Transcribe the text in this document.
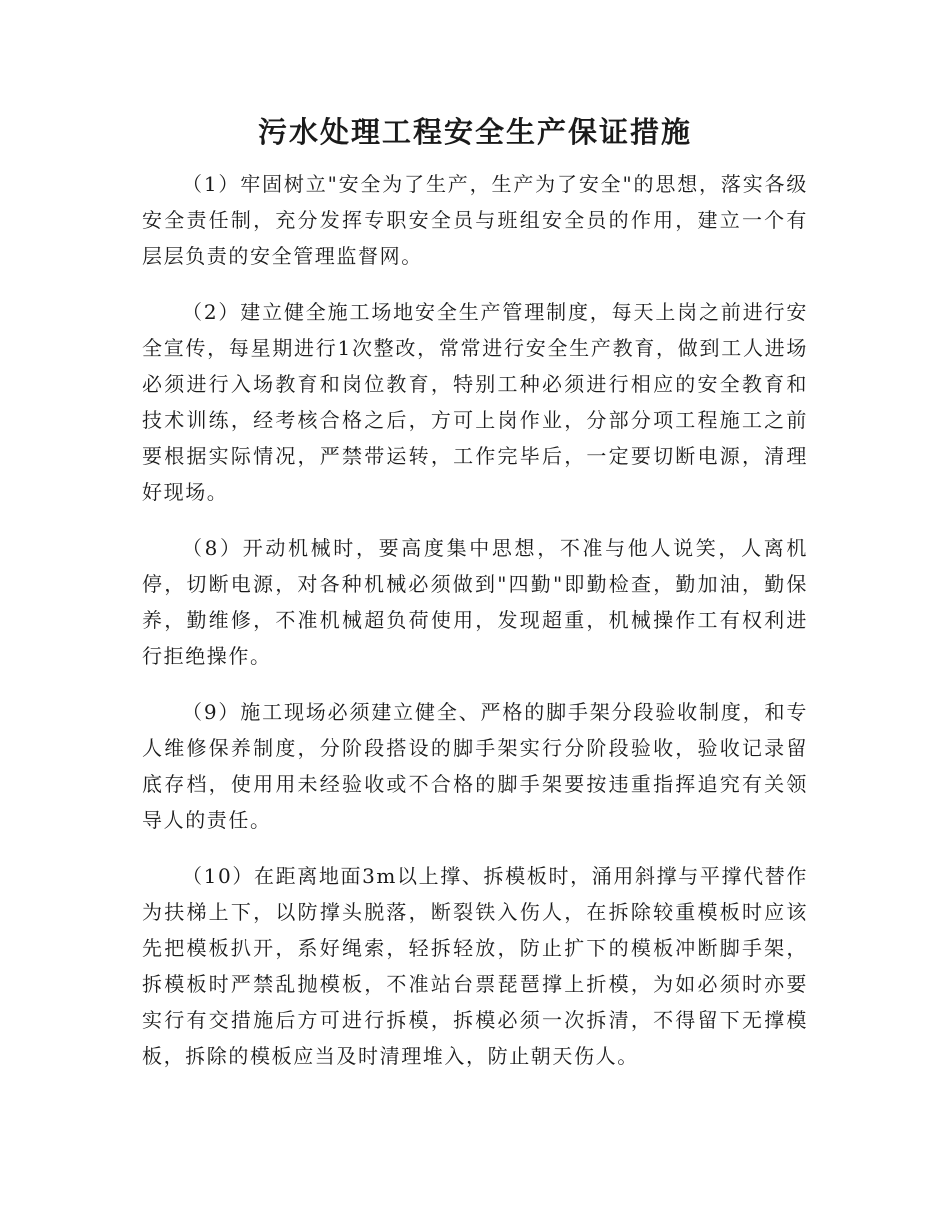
污水处理工程安全生产保证措施

（1）牢固树立"安全为了生产，生产为了安全"的思想，落实各级安全责任制，充分发挥专职安全员与班组安全员的作用，建立一个有层层负责的安全管理监督网。

（2）建立健全施工场地安全生产管理制度，每天上岗之前进行安全宣传，每星期进行1次整改，常常进行安全生产教育，做到工人进场必须进行入场教育和岗位教育，特别工种必须进行相应的安全教育和技术训练，经考核合格之后，方可上岗作业，分部分项工程施工之前要根据实际情况，严禁带运转，工作完毕后，一定要切断电源，清理好现场。

（8）开动机械时，要高度集中思想，不准与他人说笑，人离机停，切断电源，对各种机械必须做到"四勤"即勤检查，勤加油，勤保养，勤维修，不准机械超负荷使用，发现超重，机械操作工有权利进行拒绝操作。

（9）施工现场必须建立健全、严格的脚手架分段验收制度，和专人维修保养制度，分阶段搭设的脚手架实行分阶段验收，验收记录留底存档，使用用未经验收或不合格的脚手架要按违重指挥追究有关领导人的责任。

（10）在距离地面3m以上撑、拆模板时，涌用斜撑与平撑代替作为扶梯上下，以防撑头脱落，断裂铁入伤人，在拆除较重模板时应该先把模板扒开，系好绳索，轻拆轻放，防止扩下的模板冲断脚手架，拆模板时严禁乱抛模板，不准站台票琵琶撑上折模，为如必须时亦要实行有交措施后方可进行拆模，拆模必须一次拆清，不得留下无撑模板，拆除的模板应当及时清理堆入，防止朝天伤人。
